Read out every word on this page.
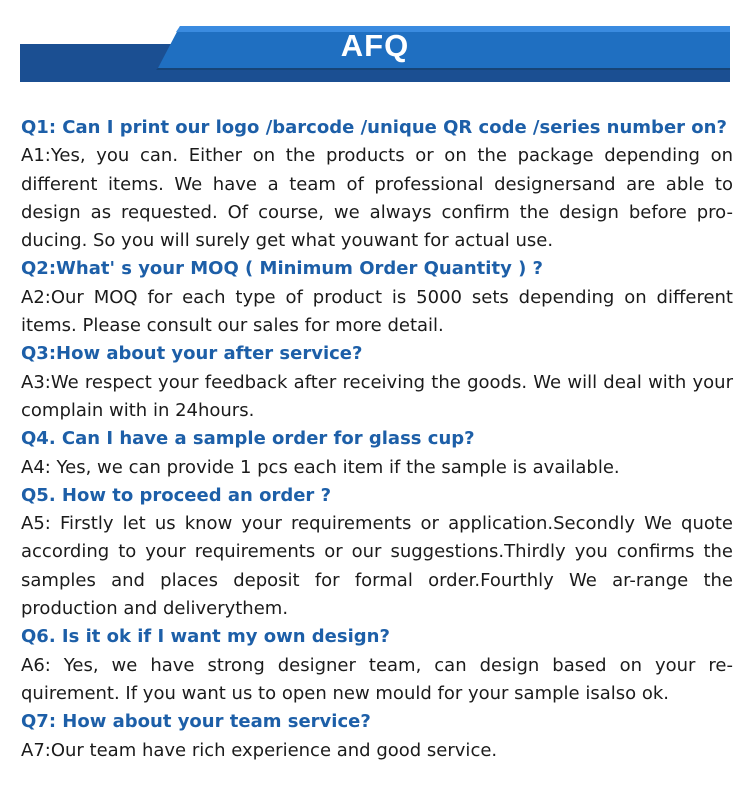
AFQ

Q1: Can I print our logo /barcode /unique QR code /series number on?

A1:Yes, you can. Either on the products or on the package depending on different items. We have a team of professional designersand are able to design as requested. Of course, we always confirm the design before pro-ducing. So you will surely get what youwant for actual use.

Q2:What' s your MOQ ( Minimum Order Quantity ) ?

A2:Our MOQ for each type of product is 5000 sets depending on different items. Please consult our sales for more detail.

Q3:How about your after service?

A3:We respect your feedback after receiving the goods. We will deal with your complain with in 24hours.

Q4. Can I have a sample order for glass cup?

A4: Yes, we can provide 1 pcs each item if the sample is available.

Q5. How to proceed an order ?

A5: Firstly let us know your requirements or application.Secondly We quote according to your requirements or our suggestions.Thirdly you confirms the samples and places deposit for formal order.Fourthly We ar-range the production and deliverythem.

Q6. Is it ok if I want my own design?

A6: Yes, we have strong designer team, can design based on your re-quirement. If you want us to open new mould for your sample isalso ok.

Q7: How about your team service?

A7:Our team have rich experience and good service.
